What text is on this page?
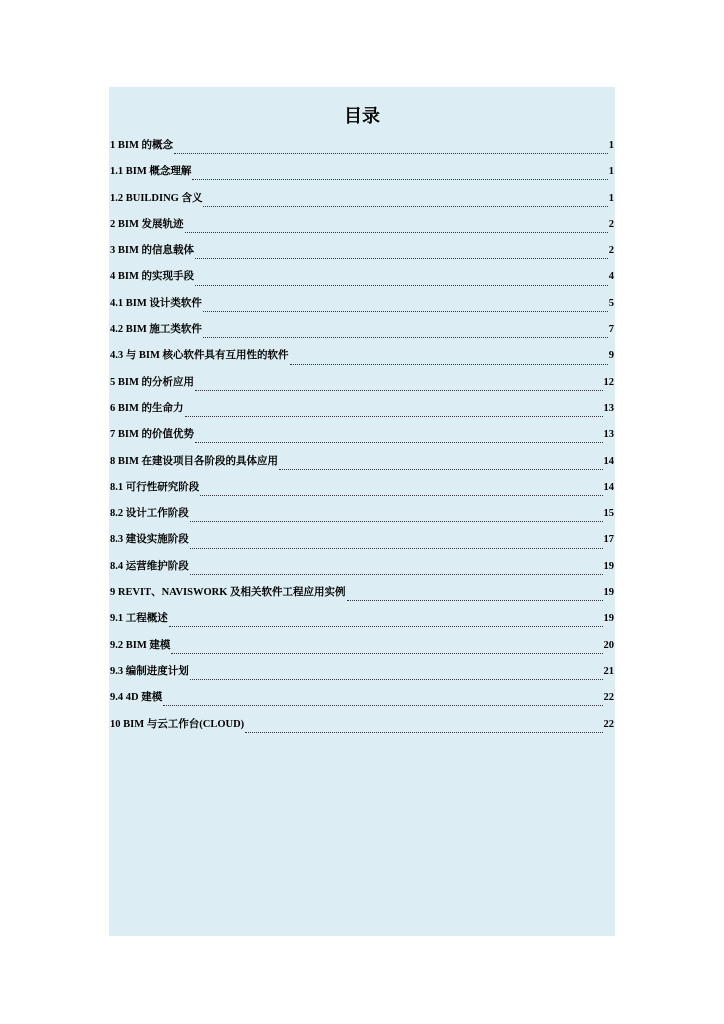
目录
1 BIM 的概念	1
1.1 BIM 概念理解	1
1.2 BUILDING 含义	1
2 BIM 发展轨迹	2
3 BIM 的信息载体	2
4 BIM 的实现手段	4
4.1 BIM 设计类软件	5
4.2 BIM 施工类软件	7
4.3 与 BIM 核心软件具有互用性的软件	9
5 BIM 的分析应用	12
6 BIM 的生命力	13
7 BIM 的价值优势	13
8 BIM 在建设项目各阶段的具体应用	14
8.1 可行性研究阶段	14
8.2 设计工作阶段	15
8.3 建设实施阶段	17
8.4 运营维护阶段	19
9 REVIT、NAVISWORK 及相关软件工程应用实例	19
9.1 工程概述	19
9.2 BIM 建模	20
9.3 编制进度计划	21
9.4 4D 建模	22
10 BIM 与云工作台(CLOUD)	22
